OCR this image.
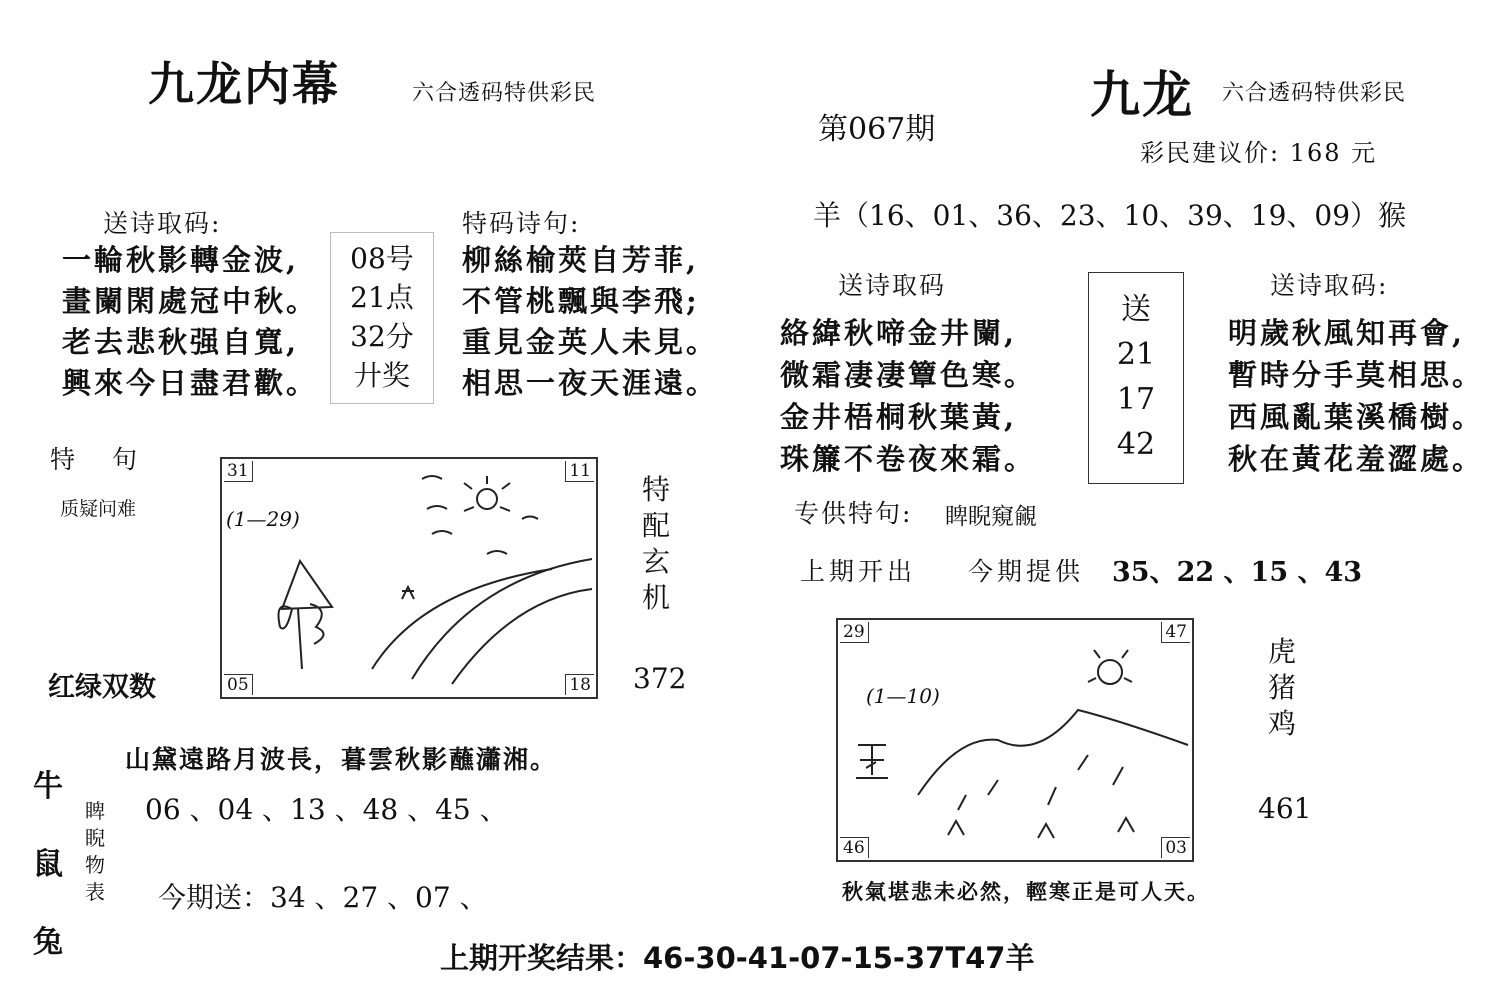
九龙内幕	六合透码特供彩民
送诗取码:
一輪秋影轉金波,
畫闌閑處冠中秋。
老去悲秋强自寬,
興來今日盡君歡。
08号
21点
32分
廾奖
特码诗句:
柳絲榆莢自芳菲,
不管桃飄與李飛;
重見金英人未見。
相思一夜天涯遠。
特　句
质疑问难
红绿双数
31	11
05	18
(1—29)
特
配
玄
机
372
牛
鼠
兔
睥
睨
物
表
山黛遠路月波長，暮雲秋影蘸瀟湘。
06 、04 、13 、48 、45 、
今期送：34 、27 、07 、
九龙 六合透码特供彩民
第067期
彩民建议价: 168 元
羊（16、01、36、23、10、39、19、09）猴
送诗取码
絡緯秋啼金井闌,
微霜凄凄簟色寒。
金井梧桐秋葉黃,
珠簾不卷夜來霜。
送
21
17
42
送诗取码:
明歲秋風知再會,
暫時分手莫相思。
西風亂葉溪橋樹。
秋在黃花羞澀處。
专供特句: 睥睨窺覦
上期开出 今期提供 35、22 、15 、43
29	47
46	03
(1—10)
虎
猪
鸡
461
秋氣堪悲未必然，輕寒正是可人天。
上期开奖结果：46-30-41-07-15-37T47羊
